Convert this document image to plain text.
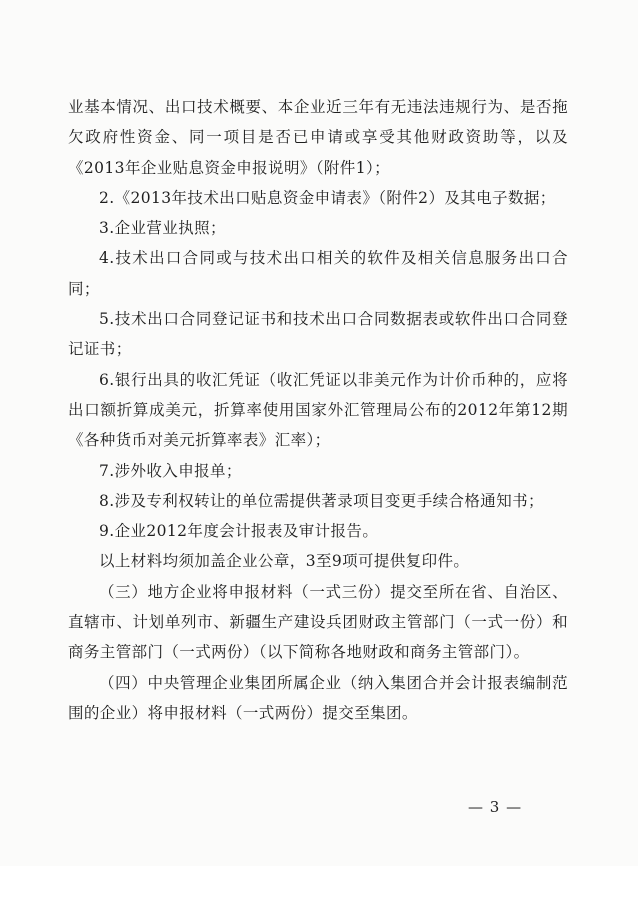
业基本情况、出口技术概要、本企业近三年有无违法违规行为、是否拖欠政府性资金、同一项目是否已申请或享受其他财政资助等，以及《2013年企业贴息资金申报说明》（附件1）；

2.《2013年技术出口贴息资金申请表》（附件2）及其电子数据；

3.企业营业执照；

4.技术出口合同或与技术出口相关的软件及相关信息服务出口合同；

5.技术出口合同登记证书和技术出口合同数据表或软件出口合同登记证书；

6.银行出具的收汇凭证（收汇凭证以非美元作为计价币种的，应将出口额折算成美元，折算率使用国家外汇管理局公布的2012年第12期《各种货币对美元折算率表》汇率）；

7.涉外收入申报单；

8.涉及专利权转让的单位需提供著录项目变更手续合格通知书；

9.企业2012年度会计报表及审计报告。

以上材料均须加盖企业公章，3至9项可提供复印件。

（三）地方企业将申报材料（一式三份）提交至所在省、自治区、直辖市、计划单列市、新疆生产建设兵团财政主管部门（一式一份）和商务主管部门（一式两份）（以下简称各地财政和商务主管部门）。

（四）中央管理企业集团所属企业（纳入集团合并会计报表编制范围的企业）将申报材料（一式两份）提交至集团。

— 3 —
